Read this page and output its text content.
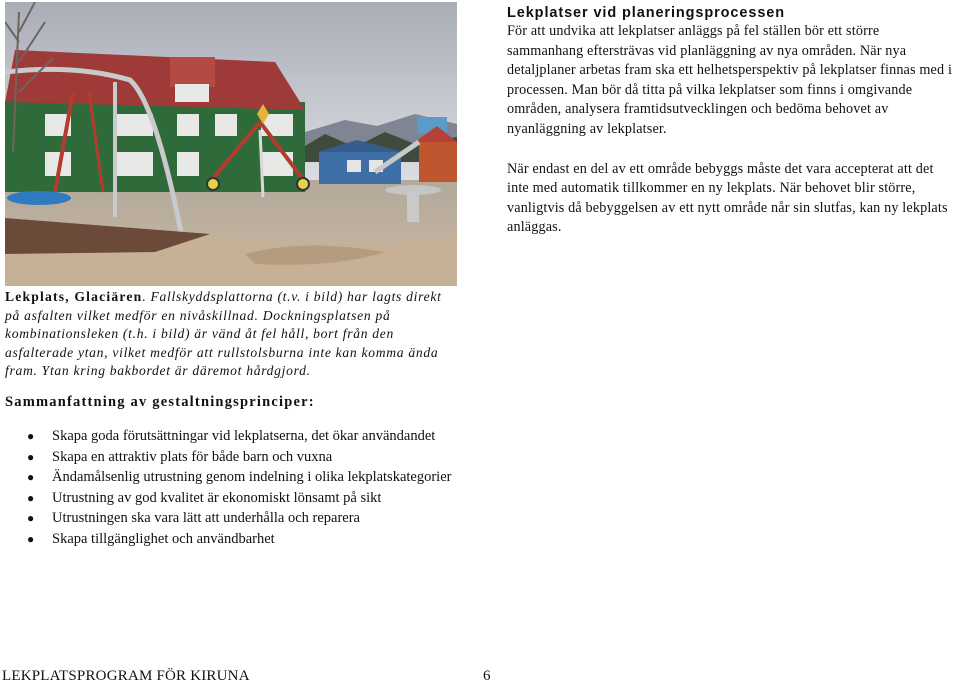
Lekplatser vid planeringsprocessen

För att undvika att lekplatser anläggs på fel ställen bör ett större sammanhang eftersträvas vid planläggning av nya områden. När nya detaljplaner arbetas fram ska ett helhetsperspektiv på lekplatser finnas med i processen. Man bör då titta på vilka lekplatser som finns i omgivande områden, analysera framtidsutvecklingen och bedöma behovet av nyanläggning av lekplatser.

När endast en del av ett område bebyggs måste det vara accepterat att det inte med automatik tillkommer en ny lekplats. När behovet blir större, vanligtvis då bebyggelsen av ett nytt område når sin slutfas, kan ny lekplats anläggas.

Lekplats, Glaciären. Fallskyddsplattorna (t.v. i bild) har lagts direkt på asfalten vilket medför en nivåskillnad. Dockningsplatsen på kombinationsleken (t.h. i bild) är vänd åt fel håll, bort från den asfalterade ytan, vilket medför att rullstolsburna inte kan komma ända fram. Ytan kring bakbordet är däremot hårdgjord.
Sammanfattning av gestaltningsprinciper:
● Skapa goda förutsättningar vid lekplatserna, det ökar användandet
● Skapa en attraktiv plats för både barn och vuxna
● Ändamålsenlig utrustning genom indelning i olika lekplatskategorier
● Utrustning av god kvalitet är ekonomiskt lönsamt på sikt
● Utrustningen ska vara lätt att underhålla och reparera
● Skapa tillgänglighet och användbarhet
LEKPLATSPROGRAM FÖR KIRUNA	6
